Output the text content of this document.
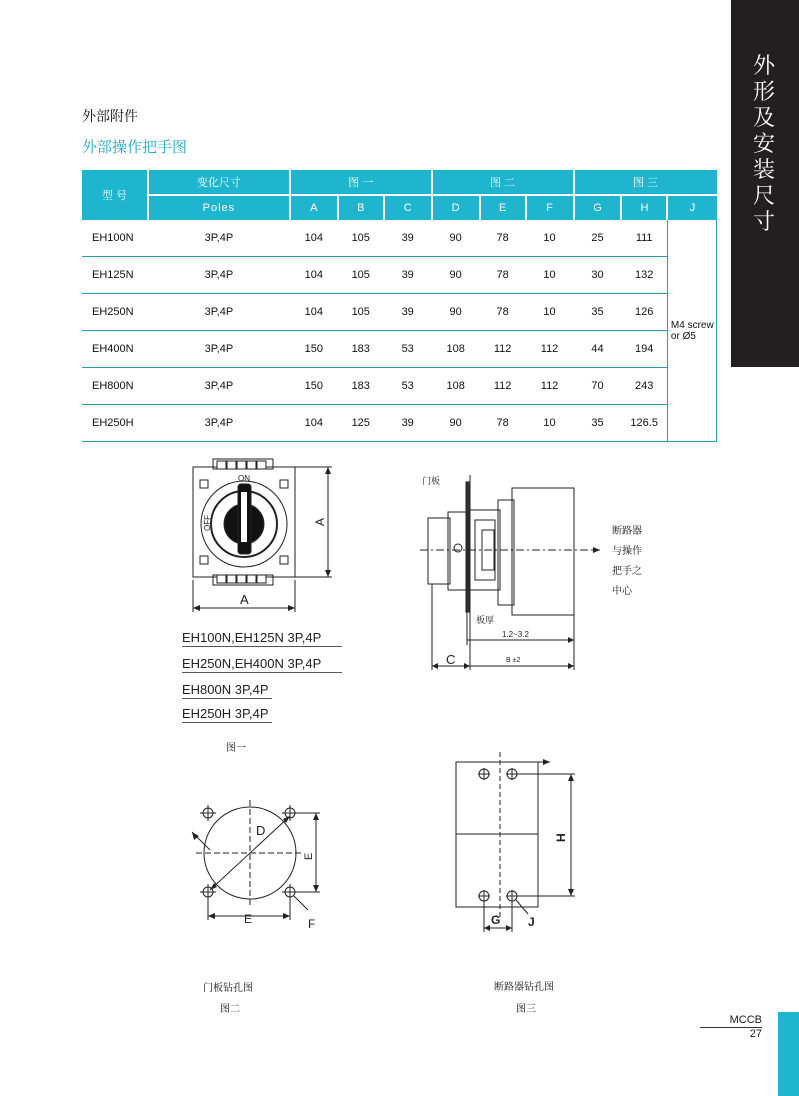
外
形
及
安
装
尺
寸
MCCB
27
外部附件
外部操作把手图
型 号	变化尺寸	图 一			图 二			图 三		
	Poles	A	B	C	D	E	F	G	H	J
EH100N	3P,4P	104	105	39	90	78	10	25	111	M4 screw
or Ø5
EH125N	3P,4P	104	105	39	90	78	10	30	132	
EH250N	3P,4P	104	105	39	90	78	10	35	126	
EH400N	3P,4P	150	183	53	108	112	112	44	194	
EH800N	3P,4P	150	183	53	108	112	112	70	243	
EH250H	3P,4P	104	125	39	90	78	10	35	126.5	
ON
OFF	A
A
EH100N,EH125N 3P,4P
EH250N,EH400N 3P,4P
EH800N 3P,4P
EH250H 3P,4P
图一
门板
板厚
1.2~3.2
B ±2
C
断路器
与操作
把手之
中心
D
E
E	F
门板钻孔图
图二
H
G J
断路器钻孔图
图三
